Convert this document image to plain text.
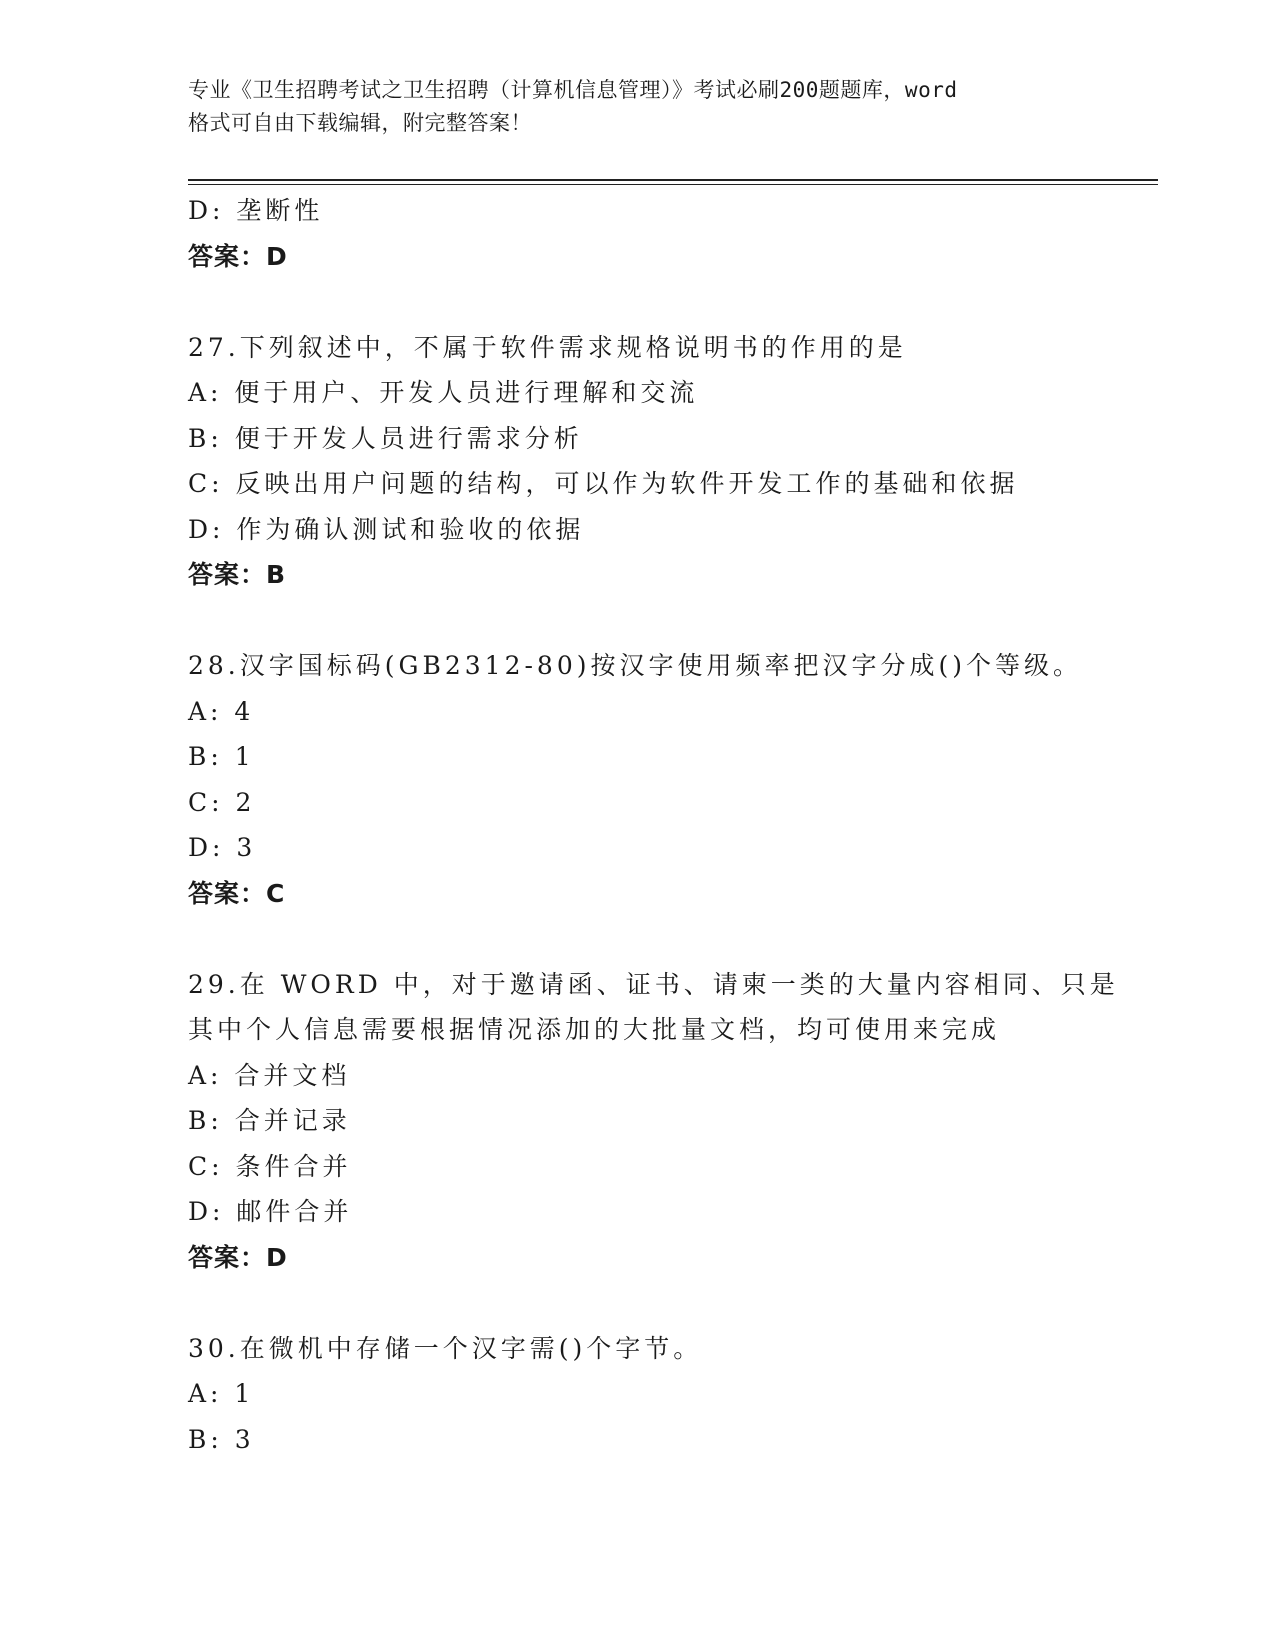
专业《卫生招聘考试之卫生招聘（计算机信息管理）》考试必刷200题题库，word
格式可自由下载编辑，附完整答案！
D: 垄断性
答案：D
27.下列叙述中，不属于软件需求规格说明书的作用的是
A: 便于用户、开发人员进行理解和交流
B: 便于开发人员进行需求分析
C: 反映出用户问题的结构，可以作为软件开发工作的基础和依据
D: 作为确认测试和验收的依据
答案：B
28.汉字国标码(GB2312-80)按汉字使用频率把汉字分成()个等级。
A: 4
B: 1
C: 2
D: 3
答案：C
29.在 WORD 中，对于邀请函、证书、请柬一类的大量内容相同、只是
其中个人信息需要根据情况添加的大批量文档，均可使用来完成
A: 合并文档
B: 合并记录
C: 条件合并
D: 邮件合并
答案：D
30.在微机中存储一个汉字需()个字节。
A: 1
B: 3
